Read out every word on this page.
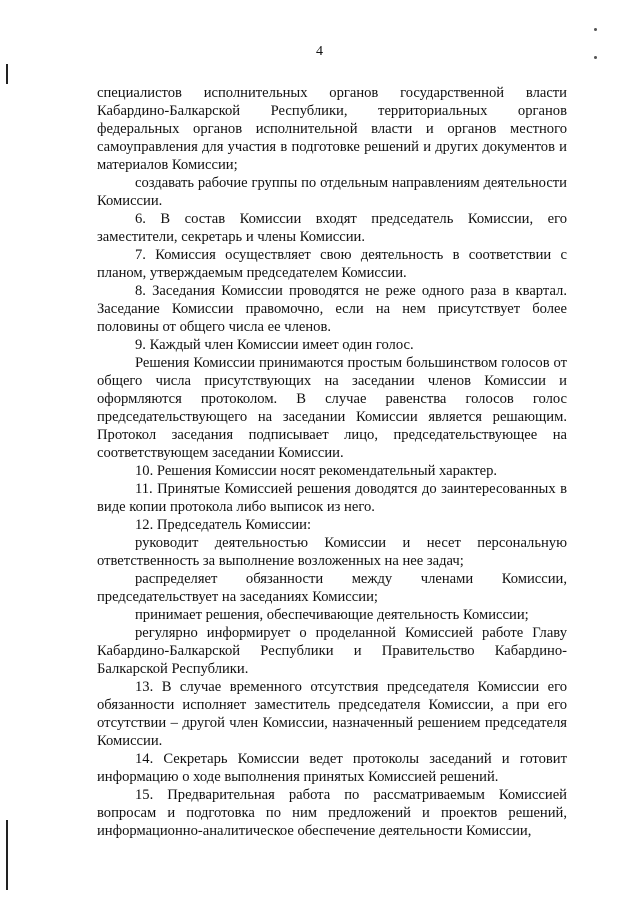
4

специалистов исполнительных органов государственной власти Кабардино-Балкарской Республики, территориальных органов федеральных органов исполнительной власти и органов местного самоуправления для участия в подготовке решений и других документов и материалов Комиссии;

создавать рабочие группы по отдельным направлениям деятельности Комиссии.

6. В состав Комиссии входят председатель Комиссии, его заместители, секретарь и члены Комиссии.

7. Комиссия осуществляет свою деятельность в соответствии с планом, утверждаемым председателем Комиссии.

8. Заседания Комиссии проводятся не реже одного раза в квартал. Заседание Комиссии правомочно, если на нем присутствует более половины от общего числа ее членов.

9. Каждый член Комиссии имеет один голос.

Решения Комиссии принимаются простым большинством голосов от общего числа присутствующих на заседании членов Комиссии и оформляются протоколом. В случае равенства голосов голос председательствующего на заседании Комиссии является решающим. Протокол заседания подписывает лицо, председательствующее на соответствующем заседании Комиссии.

10. Решения Комиссии носят рекомендательный характер.

11. Принятые Комиссией решения доводятся до заинтересованных в виде копии протокола либо выписок из него.

12. Председатель Комиссии:

руководит деятельностью Комиссии и несет персональную ответственность за выполнение возложенных на нее задач;

распределяет обязанности между членами Комиссии, председательствует на заседаниях Комиссии;

принимает решения, обеспечивающие деятельность Комиссии;

регулярно информирует о проделанной Комиссией работе Главу Кабардино-Балкарской Республики и Правительство Кабардино-Балкарской Республики.

13. В случае временного отсутствия председателя Комиссии его обязанности исполняет заместитель председателя Комиссии, а при его отсутствии – другой член Комиссии, назначенный решением председателя Комиссии.

14. Секретарь Комиссии ведет протоколы заседаний и готовит информацию о ходе выполнения принятых Комиссией решений.

15. Предварительная работа по рассматриваемым Комиссией вопросам и подготовка по ним предложений и проектов решений, информационно-аналитическое обеспечение деятельности Комиссии,
